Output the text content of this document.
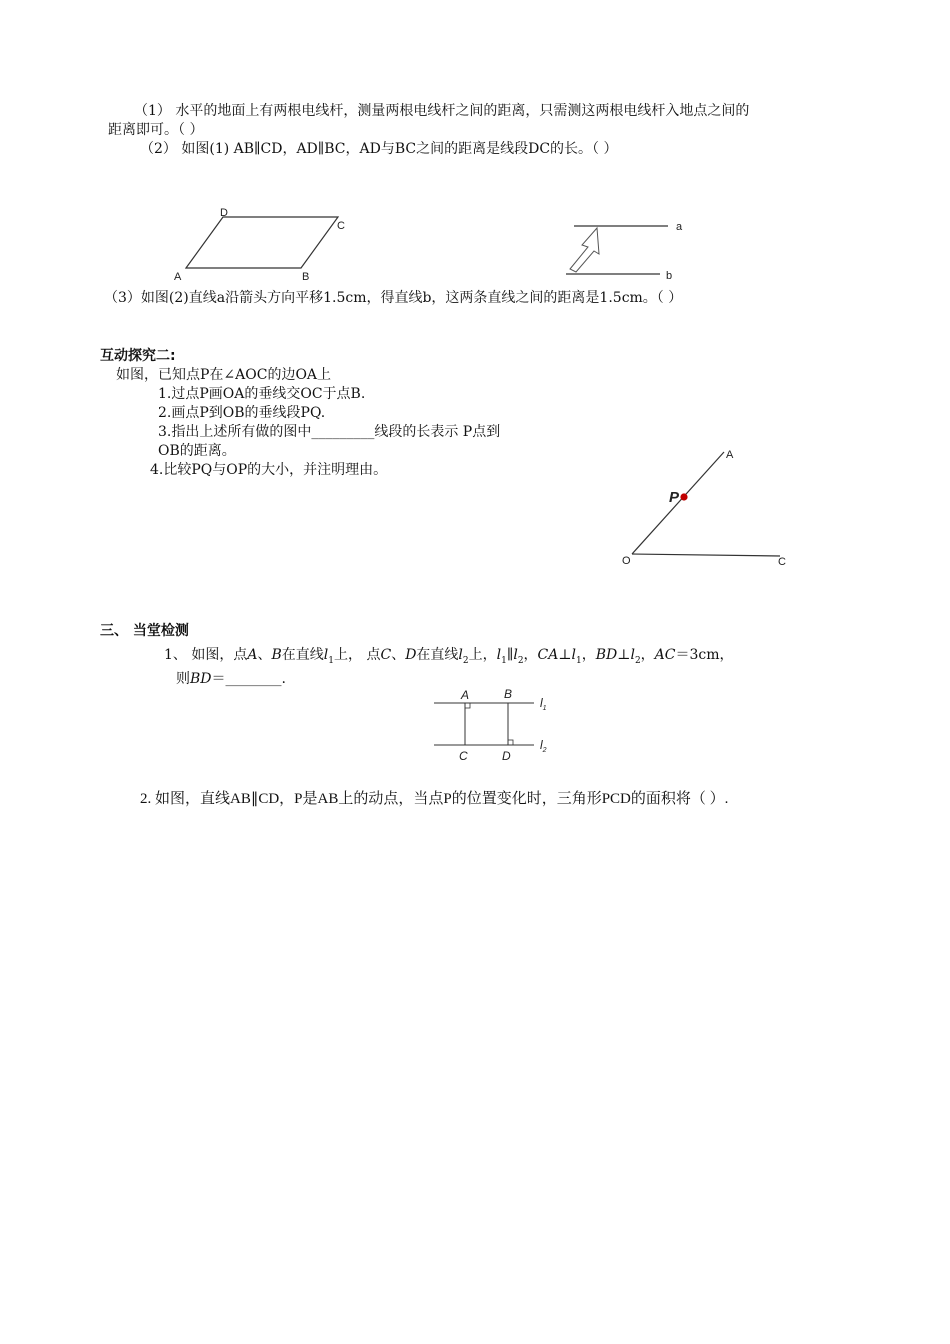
（1） 水平的地面上有两根电线杆，测量两根电线杆之间的距离，只需测这两根电线杆入地点之间的
距离即可。（ ）
（2） 如图(1) AB∥CD，AD∥BC，AD与BC之间的距离是线段DC的长。（ ）
A	B
C
D
a
b
（3）如图(2)直线a沿箭头方向平移1.5cm，得直线b，这两条直线之间的距离是1.5cm。（ ）
互动探究二:
如图，已知点P在∠AOC的边OA上
1.过点P画OA的垂线交OC于点B.
2.画点P到OB的垂线段PQ.
3.指出上述所有做的图中_________线段的长表示 P点到
OB的距离。
4.比较PQ与OP的大小，并注明理由。
A
P
O	C
三、 当堂检测
1、 如图，点A、B在直线$l_1$上， 点C、D在直线$l_2$上，$l_1\parallel l_2$，$CA\perp l_1$，$BD\perp l_2$，AC＝3cm，
则BD＝________.
A	B
C	D
$l_1$
$l_2$
2. 如图，直线AB∥CD，P是AB上的动点，当点P的位置变化时，三角形PCD的面积将（ ）.
